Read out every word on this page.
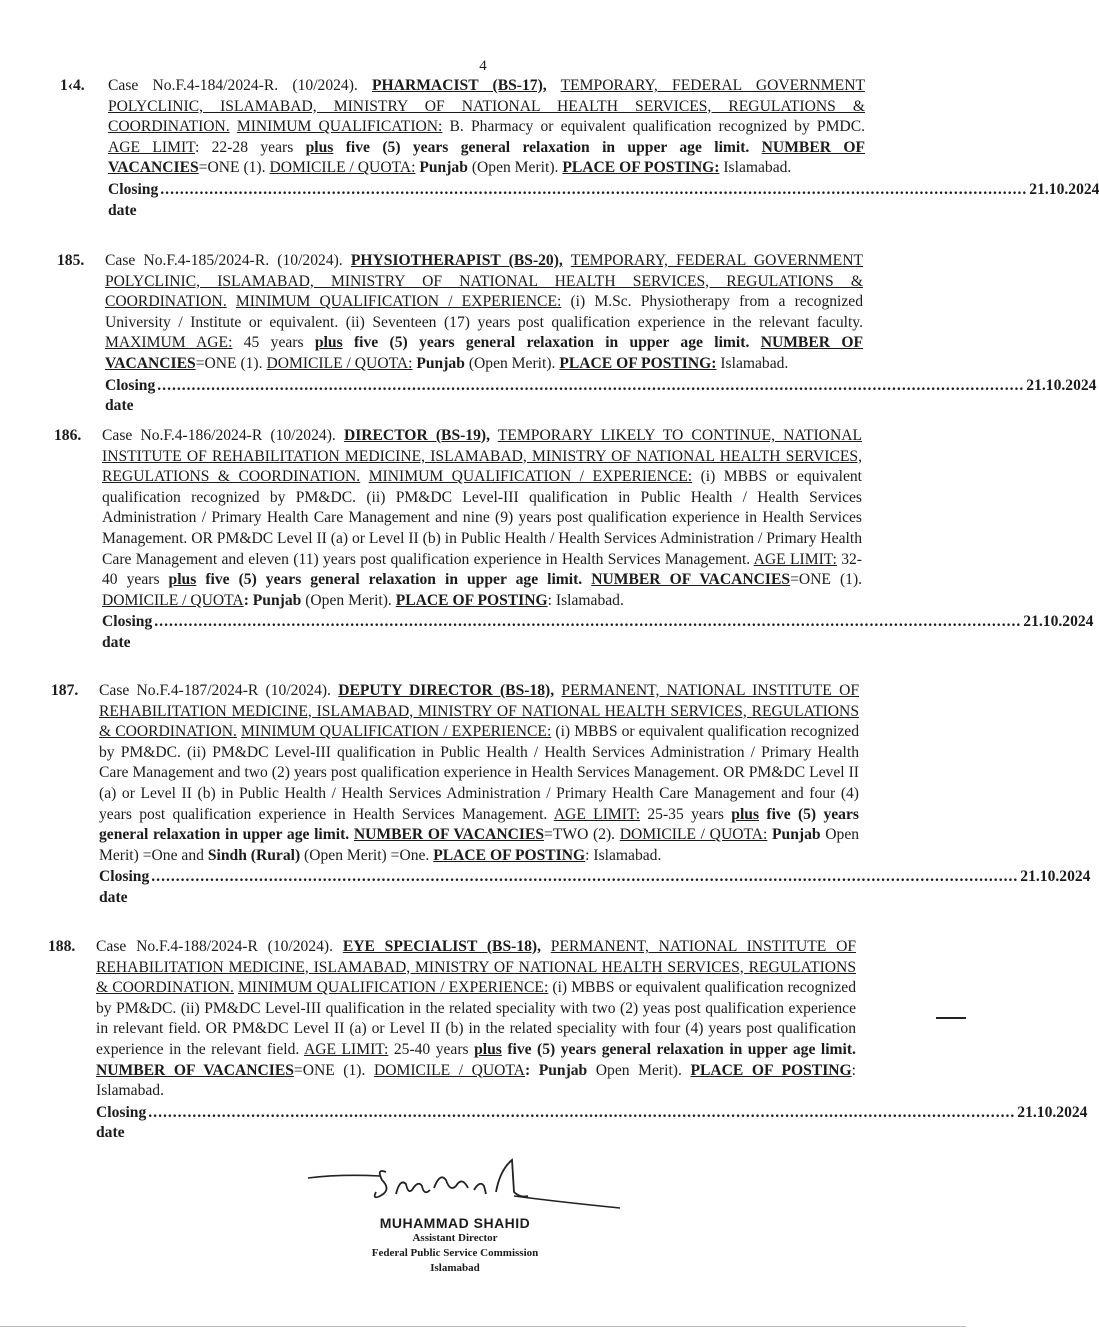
4
1‹4. Case No.F.4-184/2024-R. (10/2024). PHARMACIST (BS-17), TEMPORARY, FEDERAL GOVERNMENT POLYCLINIC, ISLAMABAD, MINISTRY OF NATIONAL HEALTH SERVICES, REGULATIONS & COORDINATION. MINIMUM QUALIFICATION: B. Pharmacy or equivalent qualification recognized by PMDC. AGE LIMIT: 22-28 years plus five (5) years general relaxation in upper age limit. NUMBER OF VACANCIES=ONE (1). DOMICILE / QUOTA: Punjab (Open Merit). PLACE OF POSTING: Islamabad.

Closing date
................................................................................................................................................................................. 21.10.2024
185. Case No.F.4-185/2024-R. (10/2024). PHYSIOTHERAPIST (BS-20), TEMPORARY, FEDERAL GOVERNMENT POLYCLINIC, ISLAMABAD, MINISTRY OF NATIONAL HEALTH SERVICES, REGULATIONS & COORDINATION. MINIMUM QUALIFICATION / EXPERIENCE: (i) M.Sc. Physiotherapy from a recognized University / Institute or equivalent. (ii) Seventeen (17) years post qualification experience in the relevant faculty. MAXIMUM AGE: 45 years plus five (5) years general relaxation in upper age limit. NUMBER OF VACANCIES=ONE (1). DOMICILE / QUOTA: Punjab (Open Merit). PLACE OF POSTING: Islamabad.

Closing date
................................................................................................................................................................................. 21.10.2024
186. Case No.F.4-186/2024-R (10/2024). DIRECTOR (BS-19), TEMPORARY LIKELY TO CONTINUE, NATIONAL INSTITUTE OF REHABILITATION MEDICINE, ISLAMABAD, MINISTRY OF NATIONAL HEALTH SERVICES, REGULATIONS & COORDINATION. MINIMUM QUALIFICATION / EXPERIENCE: (i) MBBS or equivalent qualification recognized by PM&DC. (ii) PM&DC Level-III qualification in Public Health / Health Services Administration / Primary Health Care Management and nine (9) years post qualification experience in Health Services Management. OR PM&DC Level II (a) or Level II (b) in Public Health / Health Services Administration / Primary Health Care Management and eleven (11) years post qualification experience in Health Services Management. AGE LIMIT: 32-40 years plus five (5) years general relaxation in upper age limit. NUMBER OF VACANCIES=ONE (1). DOMICILE / QUOTA: Punjab (Open Merit). PLACE OF POSTING: Islamabad.

Closing date
................................................................................................................................................................................. 21.10.2024
187. Case No.F.4-187/2024-R (10/2024). DEPUTY DIRECTOR (BS-18), PERMANENT, NATIONAL INSTITUTE OF REHABILITATION MEDICINE, ISLAMABAD, MINISTRY OF NATIONAL HEALTH SERVICES, REGULATIONS & COORDINATION. MINIMUM QUALIFICATION / EXPERIENCE: (i) MBBS or equivalent qualification recognized by PM&DC. (ii) PM&DC Level-III qualification in Public Health / Health Services Administration / Primary Health Care Management and two (2) years post qualification experience in Health Services Management. OR PM&DC Level II (a) or Level II (b) in Public Health / Health Services Administration / Primary Health Care Management and four (4) years post qualification experience in Health Services Management. AGE LIMIT: 25-35 years plus five (5) years general relaxation in upper age limit. NUMBER OF VACANCIES=TWO (2). DOMICILE / QUOTA: Punjab Open Merit) =One and Sindh (Rural) (Open Merit) =One. PLACE OF POSTING: Islamabad.

Closing date
................................................................................................................................................................................. 21.10.2024
188. Case No.F.4-188/2024-R (10/2024). EYE SPECIALIST (BS-18), PERMANENT, NATIONAL INSTITUTE OF REHABILITATION MEDICINE, ISLAMABAD, MINISTRY OF NATIONAL HEALTH SERVICES, REGULATIONS & COORDINATION. MINIMUM QUALIFICATION / EXPERIENCE: (i) MBBS or equivalent qualification recognized by PM&DC. (ii) PM&DC Level-III qualification in the related speciality with two (2) yeas post qualification experience in relevant field. OR PM&DC Level II (a) or Level II (b) in the related speciality with four (4) years post qualification experience in the relevant field. AGE LIMIT: 25-40 years plus five (5) years general relaxation in upper age limit. NUMBER OF VACANCIES=ONE (1). DOMICILE / QUOTA: Punjab Open Merit). PLACE OF POSTING: Islamabad.

Closing date
................................................................................................................................................................................. 21.10.2024
MUHAMMAD SHAHID
Assistant Director
Federal Public Service Commission
Islamabad
